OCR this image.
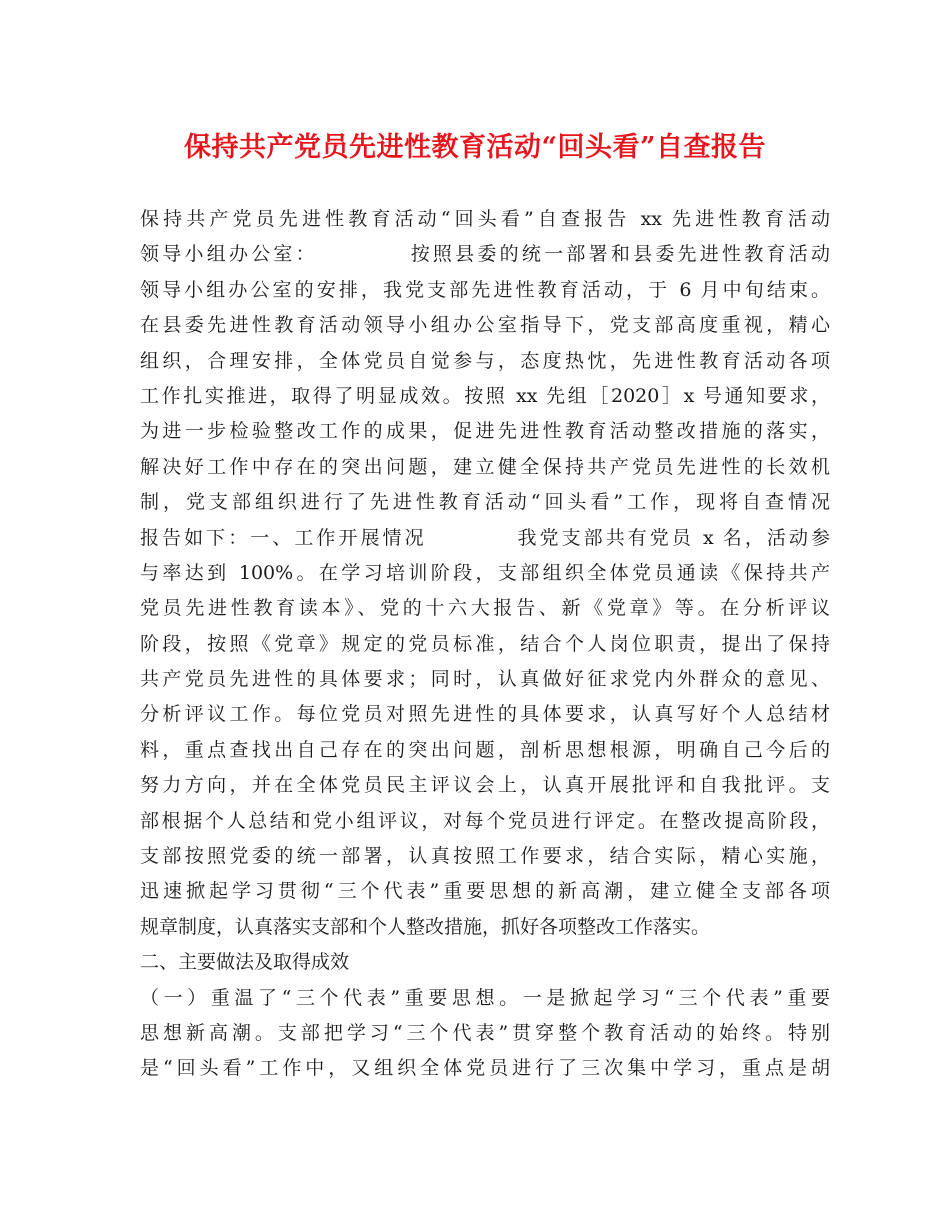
保持共产党员先进性教育活动“回头看”自查报告
保持共产党员先进性教育活动“回头看”自查报告 xx 先进性教育活动
领导小组办公室：          按照县委的统一部署和县委先进性教育活动
领导小组办公室的安排，我党支部先进性教育活动，于 6 月中旬结束。
在县委先进性教育活动领导小组办公室指导下，党支部高度重视，精心
组织，合理安排，全体党员自觉参与，态度热忱，先进性教育活动各项
工作扎实推进，取得了明显成效。按照 xx 先组［2020］x 号通知要求，
为进一步检验整改工作的成果，促进先进性教育活动整改措施的落实，
解决好工作中存在的突出问题，建立健全保持共产党员先进性的长效机
制，党支部组织进行了先进性教育活动“回头看”工作，现将自查情况
报告如下：一、工作开展情况          我党支部共有党员 x 名，活动参
与率达到 100%。在学习培训阶段，支部组织全体党员通读《保持共产
党员先进性教育读本》、党的十六大报告、新《党章》等。在分析评议
阶段，按照《党章》规定的党员标准，结合个人岗位职责，提出了保持
共产党员先进性的具体要求；同时，认真做好征求党内外群众的意见、
分析评议工作。每位党员对照先进性的具体要求，认真写好个人总结材
料，重点查找出自己存在的突出问题，剖析思想根源，明确自己今后的
努力方向，并在全体党员民主评议会上，认真开展批评和自我批评。支
部根据个人总结和党小组评议，对每个党员进行评定。在整改提高阶段，
支部按照党委的统一部署，认真按照工作要求，结合实际，精心实施，
迅速掀起学习贯彻“三个代表”重要思想的新高潮，建立健全支部各项
规章制度，认真落实支部和个人整改措施，抓好各项整改工作落实。
二、主要做法及取得成效
（一）重温了“三个代表”重要思想。一是掀起学习“三个代表”重要
思想新高潮。支部把学习“三个代表”贯穿整个教育活动的始终。特别
是“回头看”工作中，又组织全体党员进行了三次集中学习，重点是胡
